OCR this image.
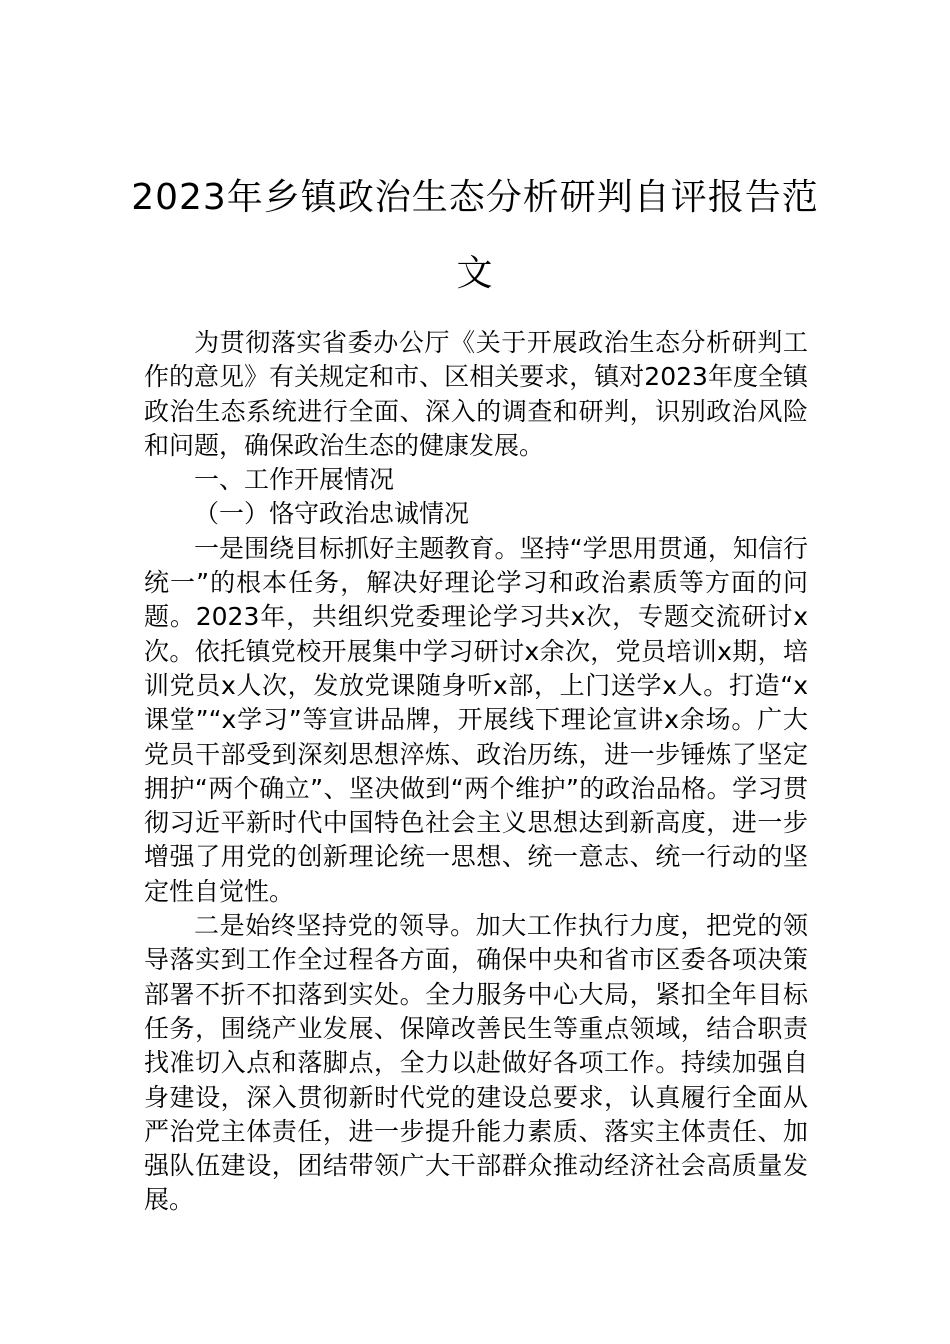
2023年乡镇政治生态分析研判自评报告范文

为贯彻落实省委办公厅《关于开展政治生态分析研判工作的意见》有关规定和市、区相关要求，镇对2023年度全镇政治生态系统进行全面、深入的调查和研判，识别政治风险和问题，确保政治生态的健康发展。

一、工作开展情况

（一）恪守政治忠诚情况

一是围绕目标抓好主题教育。坚持“学思用贯通，知信行统一”的根本任务，解决好理论学习和政治素质等方面的问题。2023年，共组织党委理论学习共x次，专题交流研讨x次。依托镇党校开展集中学习研讨x余次，党员培训x期，培训党员x人次，发放党课随身听x部，上门送学x人。打造“x课堂”“x学习”等宣讲品牌，开展线下理论宣讲x余场。广大党员干部受到深刻思想淬炼、政治历练，进一步锤炼了坚定拥护“两个确立”、坚决做到“两个维护”的政治品格。学习贯彻习近平新时代中国特色社会主义思想达到新高度，进一步增强了用党的创新理论统一思想、统一意志、统一行动的坚定性自觉性。

二是始终坚持党的领导。加大工作执行力度，把党的领导落实到工作全过程各方面，确保中央和省市区委各项决策部署不折不扣落到实处。全力服务中心大局，紧扣全年目标任务，围绕产业发展、保障改善民生等重点领域，结合职责找准切入点和落脚点，全力以赴做好各项工作。持续加强自身建设，深入贯彻新时代党的建设总要求，认真履行全面从严治党主体责任，进一步提升能力素质、落实主体责任、加强队伍建设，团结带领广大干部群众推动经济社会高质量发展。
